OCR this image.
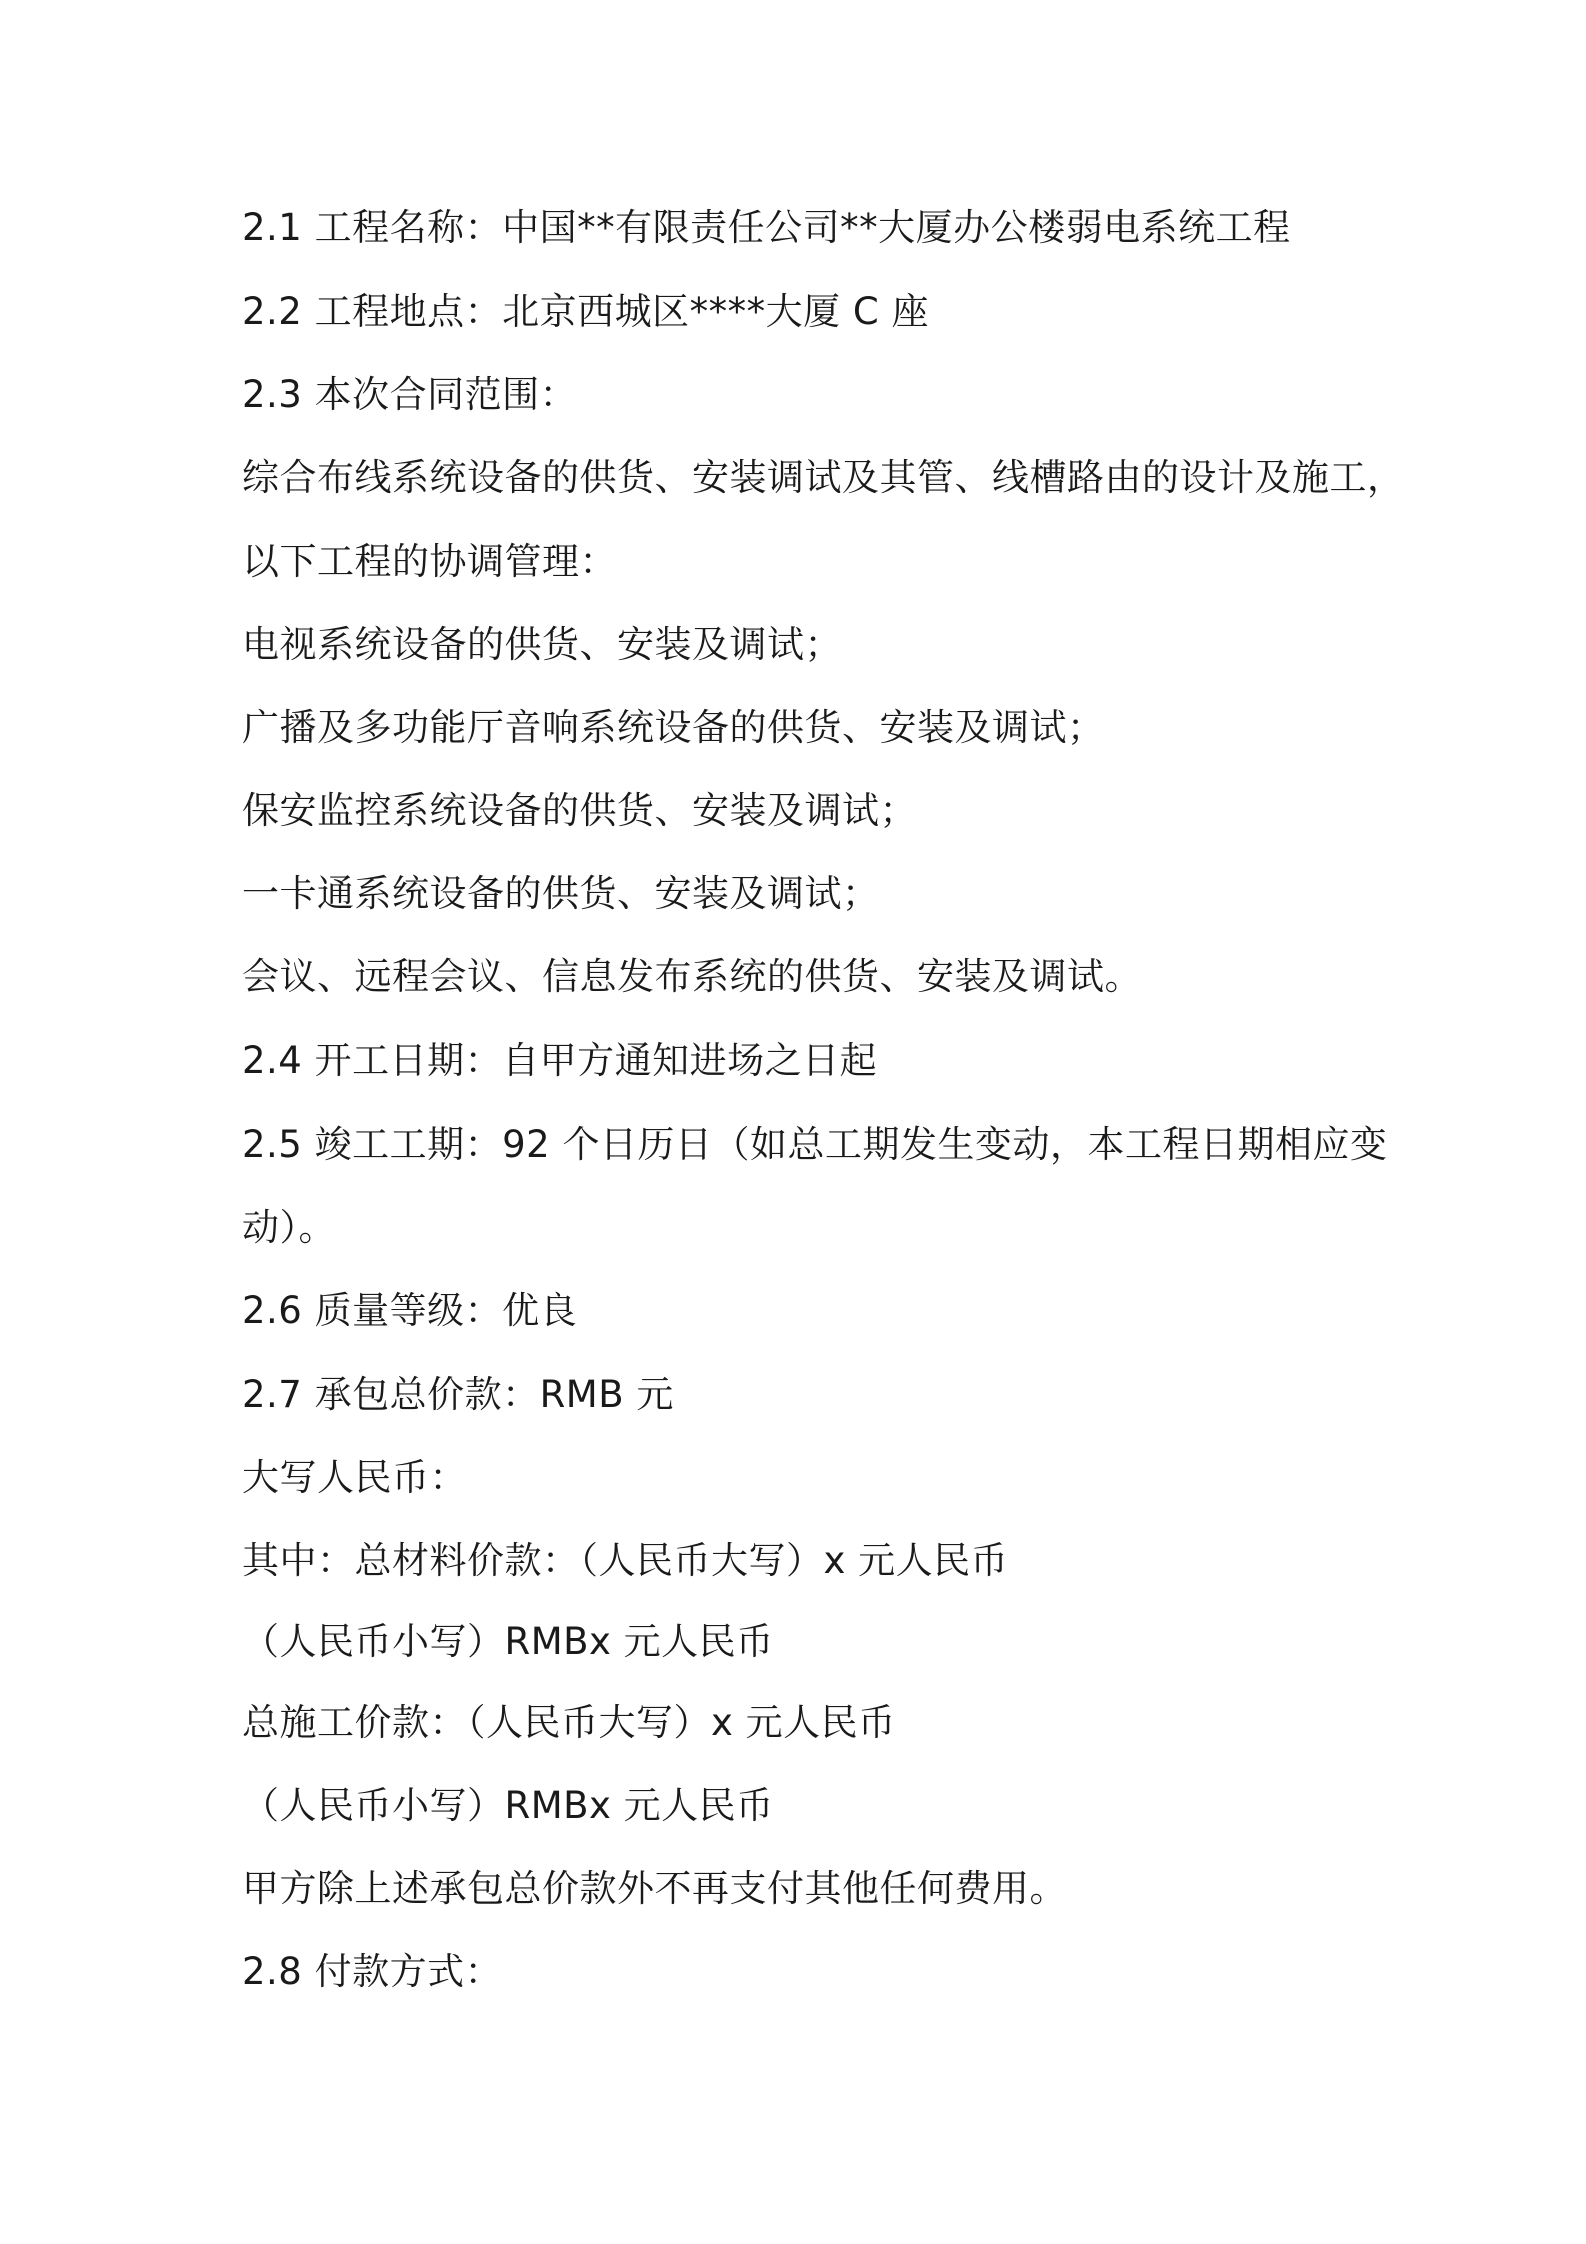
2.1 工程名称：中国**有限责任公司**大厦办公楼弱电系统工程

2.2 工程地点：北京西城区****大厦 C 座

2.3 本次合同范围：

综合布线系统设备的供货、安装调试及其管、线槽路由的设计及施工，

以下工程的协调管理：

电视系统设备的供货、安装及调试；

广播及多功能厅音响系统设备的供货、安装及调试；

保安监控系统设备的供货、安装及调试；

一卡通系统设备的供货、安装及调试；

会议、远程会议、信息发布系统的供货、安装及调试。

2.4 开工日期：自甲方通知进场之日起

2.5 竣工工期：92 个日历日（如总工期发生变动，本工程日期相应变

动）。

2.6 质量等级：优良

2.7 承包总价款：RMB 元

大写人民币：

其中：总材料价款：（人民币大写）x 元人民币

（人民币小写）RMBx 元人民币

总施工价款：（人民币大写）x 元人民币

（人民币小写）RMBx 元人民币

甲方除上述承包总价款外不再支付其他任何费用。

2.8 付款方式：
